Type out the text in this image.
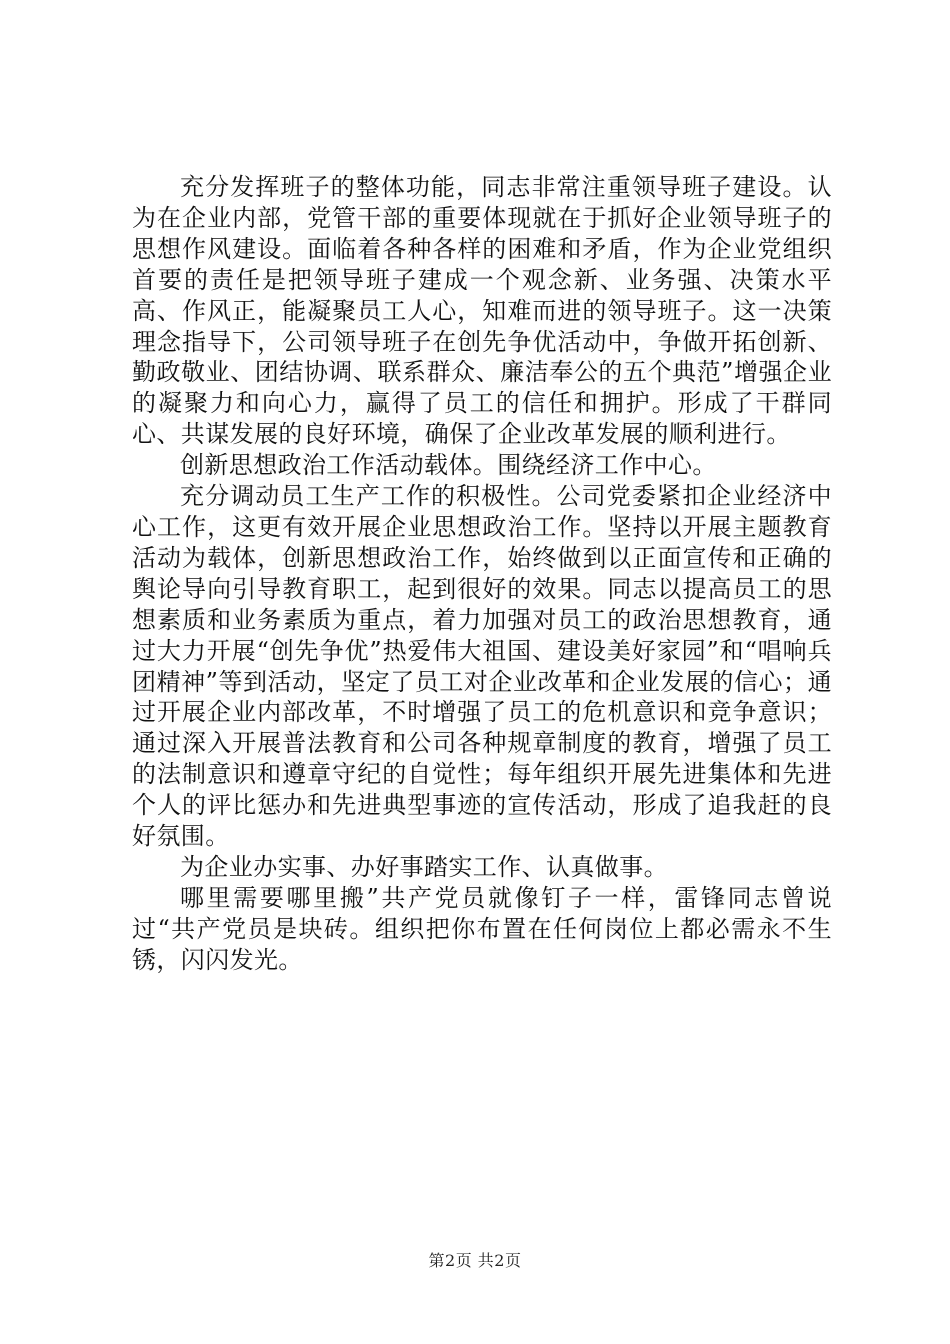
充分发挥班子的整体功能，同志非常注重领导班子建设。认为在企业内部，党管干部的重要体现就在于抓好企业领导班子的思想作风建设。面临着各种各样的困难和矛盾，作为企业党组织首要的责任是把领导班子建成一个观念新、业务强、决策水平高、作风正，能凝聚员工人心，知难而进的领导班子。这一决策理念指导下，公司领导班子在创先争优活动中，争做开拓创新、勤政敬业、团结协调、联系群众、廉洁奉公的五个典范”增强企业的凝聚力和向心力，赢得了员工的信任和拥护。形成了干群同心、共谋发展的良好环境，确保了企业改革发展的顺利进行。

创新思想政治工作活动载体。围绕经济工作中心。

充分调动员工生产工作的积极性。公司党委紧扣企业经济中心工作，这更有效开展企业思想政治工作。坚持以开展主题教育活动为载体，创新思想政治工作，始终做到以正面宣传和正确的舆论导向引导教育职工，起到很好的效果。同志以提高员工的思想素质和业务素质为重点，着力加强对员工的政治思想教育，通过大力开展“创先争优”热爱伟大祖国、建设美好家园”和“唱响兵团精神”等到活动，坚定了员工对企业改革和企业发展的信心；通过开展企业内部改革，不时增强了员工的危机意识和竞争意识；通过深入开展普法教育和公司各种规章制度的教育，增强了员工的法制意识和遵章守纪的自觉性；每年组织开展先进集体和先进个人的评比惩办和先进典型事迹的宣传活动，形成了追我赶的良好氛围。

为企业办实事、办好事踏实工作、认真做事。

哪里需要哪里搬”共产党员就像钉子一样，雷锋同志曾说过“共产党员是块砖。组织把你布置在任何岗位上都必需永不生锈，闪闪发光。

第2页 共2页
